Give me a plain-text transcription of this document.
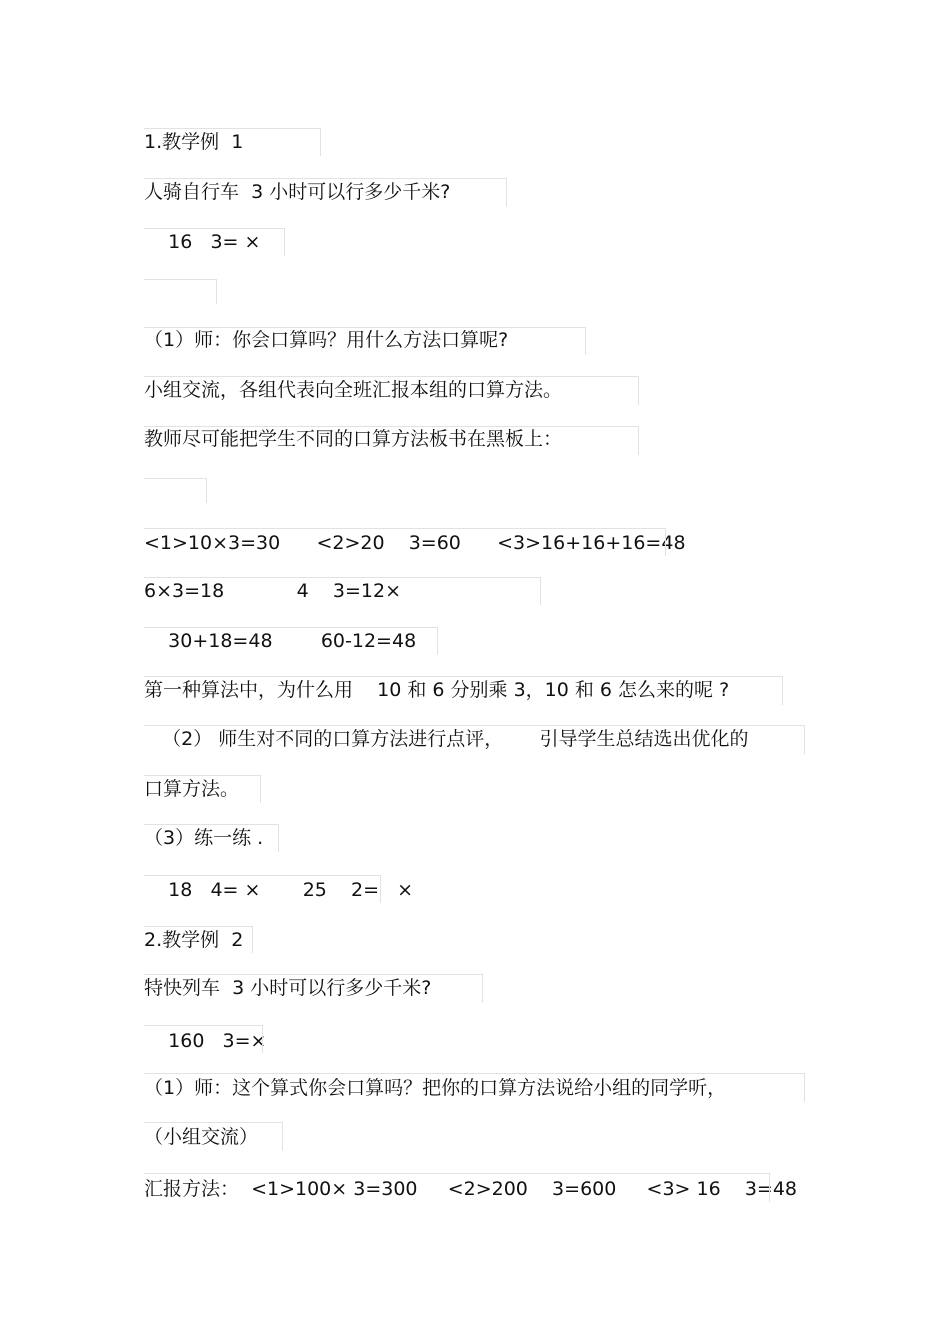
1.教学例  1
人骑自行车  3 小时可以行多少千米?
16   3= ×
（1）师：你会口算吗？用什么方法口算呢?
小组交流，各组代表向全班汇报本组的口算方法。
教师尽可能把学生不同的口算方法板书在黑板上：
<1>10×3=30      <2>20    3=60      <3>16+16+16=48
6×3=18            4    3=12×
30+18=48        60-12=48
第一种算法中，为什么用    10 和 6 分别乘 3，10 和 6 怎么来的呢 ?
（2） 师生对不同的口算方法进行点评，      引导学生总结选出优化的
口算方法。
（3）练一练 .
18   4= ×       25    2=   ×
2.教学例  2
特快列车  3 小时可以行多少千米?
160   3=×
（1）师：这个算式你会口算吗？把你的口算方法说给小组的同学听，
（小组交流）
汇报方法：  <1>100× 3=300     <2>200    3=600     <3> 16    3=48
